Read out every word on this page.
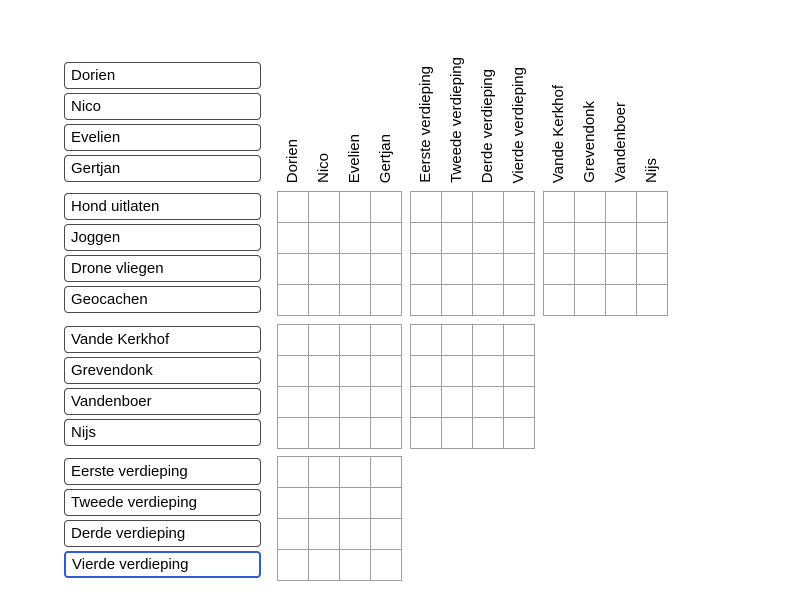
Dorien
Nico
Evelien
Gertjan
Dorien Nico Evelien Gertjan	Eerste verdieping Tweede verdieping Derde verdieping Vierde verdieping	Vande Kerkhof Grevendonk Vandenboer Nijs
Hond uitlaten
Joggen
Drone vliegen
Geocachen
Vande Kerkhof
Grevendonk
Vandenboer
Nijs
Eerste verdieping
Tweede verdieping
Derde verdieping
Vierde verdieping
